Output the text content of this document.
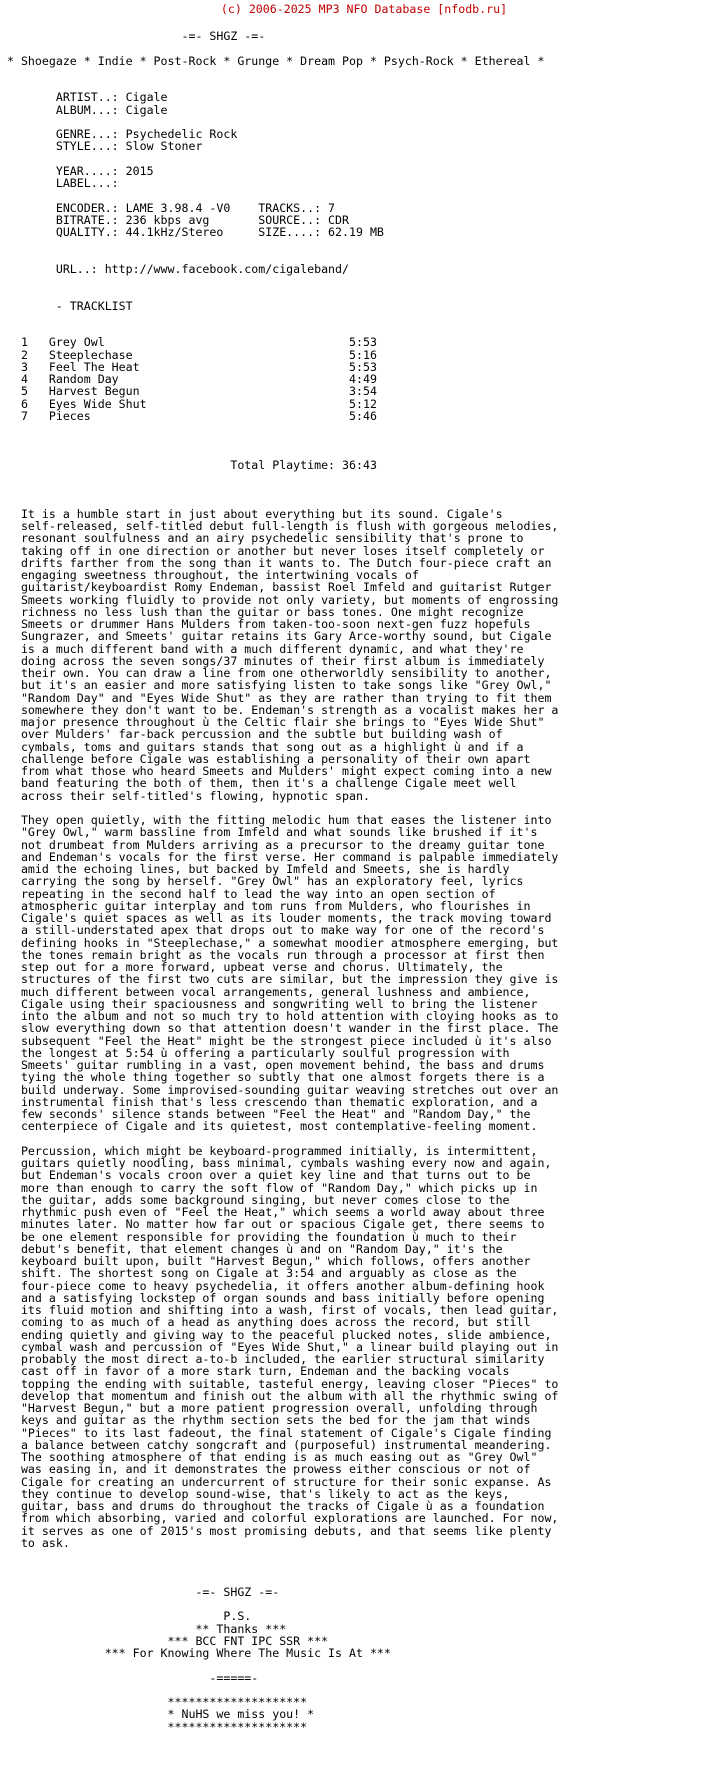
(c) 2006-2025 MP3 NFO Database [nfodb.ru]
-=- SHGZ -=-

* Shoegaze * Indie * Post-Rock * Grunge * Dream Pop * Psych-Rock * Ethereal *

ARTIST..: Cigale
ALBUM...: Cigale

GENRE...: Psychedelic Rock
STYLE...: Slow Stoner

YEAR....: 2015
LABEL...:

ENCODER.: LAME 3.98.4 -V0    TRACKS..: 7
BITRATE.: 236 kbps avg       SOURCE..: CDR
QUALITY.: 44.1kHz/Stereo     SIZE....: 62.19 MB

URL..: http://www.facebook.com/cigaleband/

- TRACKLIST

1   Grey Owl                                   5:53
2   Steeplechase                               5:16
3   Feel The Heat                              5:53
4   Random Day                                 4:49
5   Harvest Begun                              3:54
6   Eyes Wide Shut                             5:12
7   Pieces                                     5:46

Total Playtime: 36:43

It is a humble start in just about everything but its sound. Cigale's
self-released, self-titled debut full-length is flush with gorgeous melodies,
resonant soulfulness and an airy psychedelic sensibility that's prone to
taking off in one direction or another but never loses itself completely or
drifts farther from the song than it wants to. The Dutch four-piece craft an
engaging sweetness throughout, the intertwining vocals of
guitarist/keyboardist Romy Endeman, bassist Roel Imfeld and guitarist Rutger
Smeets working fluidly to provide not only variety, but moments of engrossing
richness no less lush than the guitar or bass tones. One might recognize
Smeets or drummer Hans Mulders from taken-too-soon next-gen fuzz hopefuls
Sungrazer, and Smeets' guitar retains its Gary Arce-worthy sound, but Cigale
is a much different band with a much different dynamic, and what they're
doing across the seven songs/37 minutes of their first album is immediately
their own. You can draw a line from one otherworldly sensibility to another,
but it's an easier and more satisfying listen to take songs like "Grey Owl,"
"Random Day" and "Eyes Wide Shut" as they are rather than trying to fit them
somewhere they don't want to be. Endeman's strength as a vocalist makes her a
major presence throughout ù the Celtic flair she brings to "Eyes Wide Shut"
over Mulders' far-back percussion and the subtle but building wash of
cymbals, toms and guitars stands that song out as a highlight ù and if a
challenge before Cigale was establishing a personality of their own apart
from what those who heard Smeets and Mulders' might expect coming into a new
band featuring the both of them, then it's a challenge Cigale meet well
across their self-titled's flowing, hypnotic span.

They open quietly, with the fitting melodic hum that eases the listener into
"Grey Owl," warm bassline from Imfeld and what sounds like brushed if it's
not drumbeat from Mulders arriving as a precursor to the dreamy guitar tone
and Endeman's vocals for the first verse. Her command is palpable immediately
amid the echoing lines, but backed by Imfeld and Smeets, she is hardly
carrying the song by herself. "Grey Owl" has an exploratory feel, lyrics
repeating in the second half to lead the way into an open section of
atmospheric guitar interplay and tom runs from Mulders, who flourishes in
Cigale's quiet spaces as well as its louder moments, the track moving toward
a still-understated apex that drops out to make way for one of the record's
defining hooks in "Steeplechase," a somewhat moodier atmosphere emerging, but
the tones remain bright as the vocals run through a processor at first then
step out for a more forward, upbeat verse and chorus. Ultimately, the
structures of the first two cuts are similar, but the impression they give is
much different between vocal arrangements, general lushness and ambience,
Cigale using their spaciousness and songwriting well to bring the listener
into the album and not so much try to hold attention with cloying hooks as to
slow everything down so that attention doesn't wander in the first place. The
subsequent "Feel the Heat" might be the strongest piece included ù it's also
the longest at 5:54 ù offering a particularly soulful progression with
Smeets' guitar rumbling in a vast, open movement behind, the bass and drums
tying the whole thing together so subtly that one almost forgets there is a
build underway. Some improvised-sounding guitar weaving stretches out over an
instrumental finish that's less crescendo than thematic exploration, and a
few seconds' silence stands between "Feel the Heat" and "Random Day," the
centerpiece of Cigale and its quietest, most contemplative-feeling moment.

Percussion, which might be keyboard-programmed initially, is intermittent,
guitars quietly noodling, bass minimal, cymbals washing every now and again,
but Endeman's vocals croon over a quiet key line and that turns out to be
more than enough to carry the soft flow of "Random Day," which picks up in
the guitar, adds some background singing, but never comes close to the
rhythmic push even of "Feel the Heat," which seems a world away about three
minutes later. No matter how far out or spacious Cigale get, there seems to
be one element responsible for providing the foundation ù much to their
debut's benefit, that element changes ù and on "Random Day," it's the
keyboard built upon, built "Harvest Begun," which follows, offers another
shift. The shortest song on Cigale at 3:54 and arguably as close as the
four-piece come to heavy psychedelia, it offers another album-defining hook
and a satisfying lockstep of organ sounds and bass initially before opening
its fluid motion and shifting into a wash, first of vocals, then lead guitar,
coming to as much of a head as anything does across the record, but still
ending quietly and giving way to the peaceful plucked notes, slide ambience,
cymbal wash and percussion of "Eyes Wide Shut," a linear build playing out in
probably the most direct a-to-b included, the earlier structural similarity
cast off in favor of a more stark turn, Endeman and the backing vocals
topping the ending with suitable, tasteful energy, leaving closer "Pieces" to
develop that momentum and finish out the album with all the rhythmic swing of
"Harvest Begun," but a more patient progression overall, unfolding through
keys and guitar as the rhythm section sets the bed for the jam that winds
"Pieces" to its last fadeout, the final statement of Cigale's Cigale finding
a balance between catchy songcraft and (purposeful) instrumental meandering.
The soothing atmosphere of that ending is as much easing out as "Grey Owl"
was easing in, and it demonstrates the prowess either conscious or not of
Cigale for creating an undercurrent of structure for their sonic expanse. As
they continue to develop sound-wise, that's likely to act as the keys,
guitar, bass and drums do throughout the tracks of Cigale ù as a foundation
from which absorbing, varied and colorful explorations are launched. For now,
it serves as one of 2015's most promising debuts, and that seems like plenty
to ask.

-=- SHGZ -=-

P.S.
** Thanks ***
*** BCC FNT IPC SSR ***
*** For Knowing Where The Music Is At ***

-=====-

********************
* NuHS we miss you! *
********************
